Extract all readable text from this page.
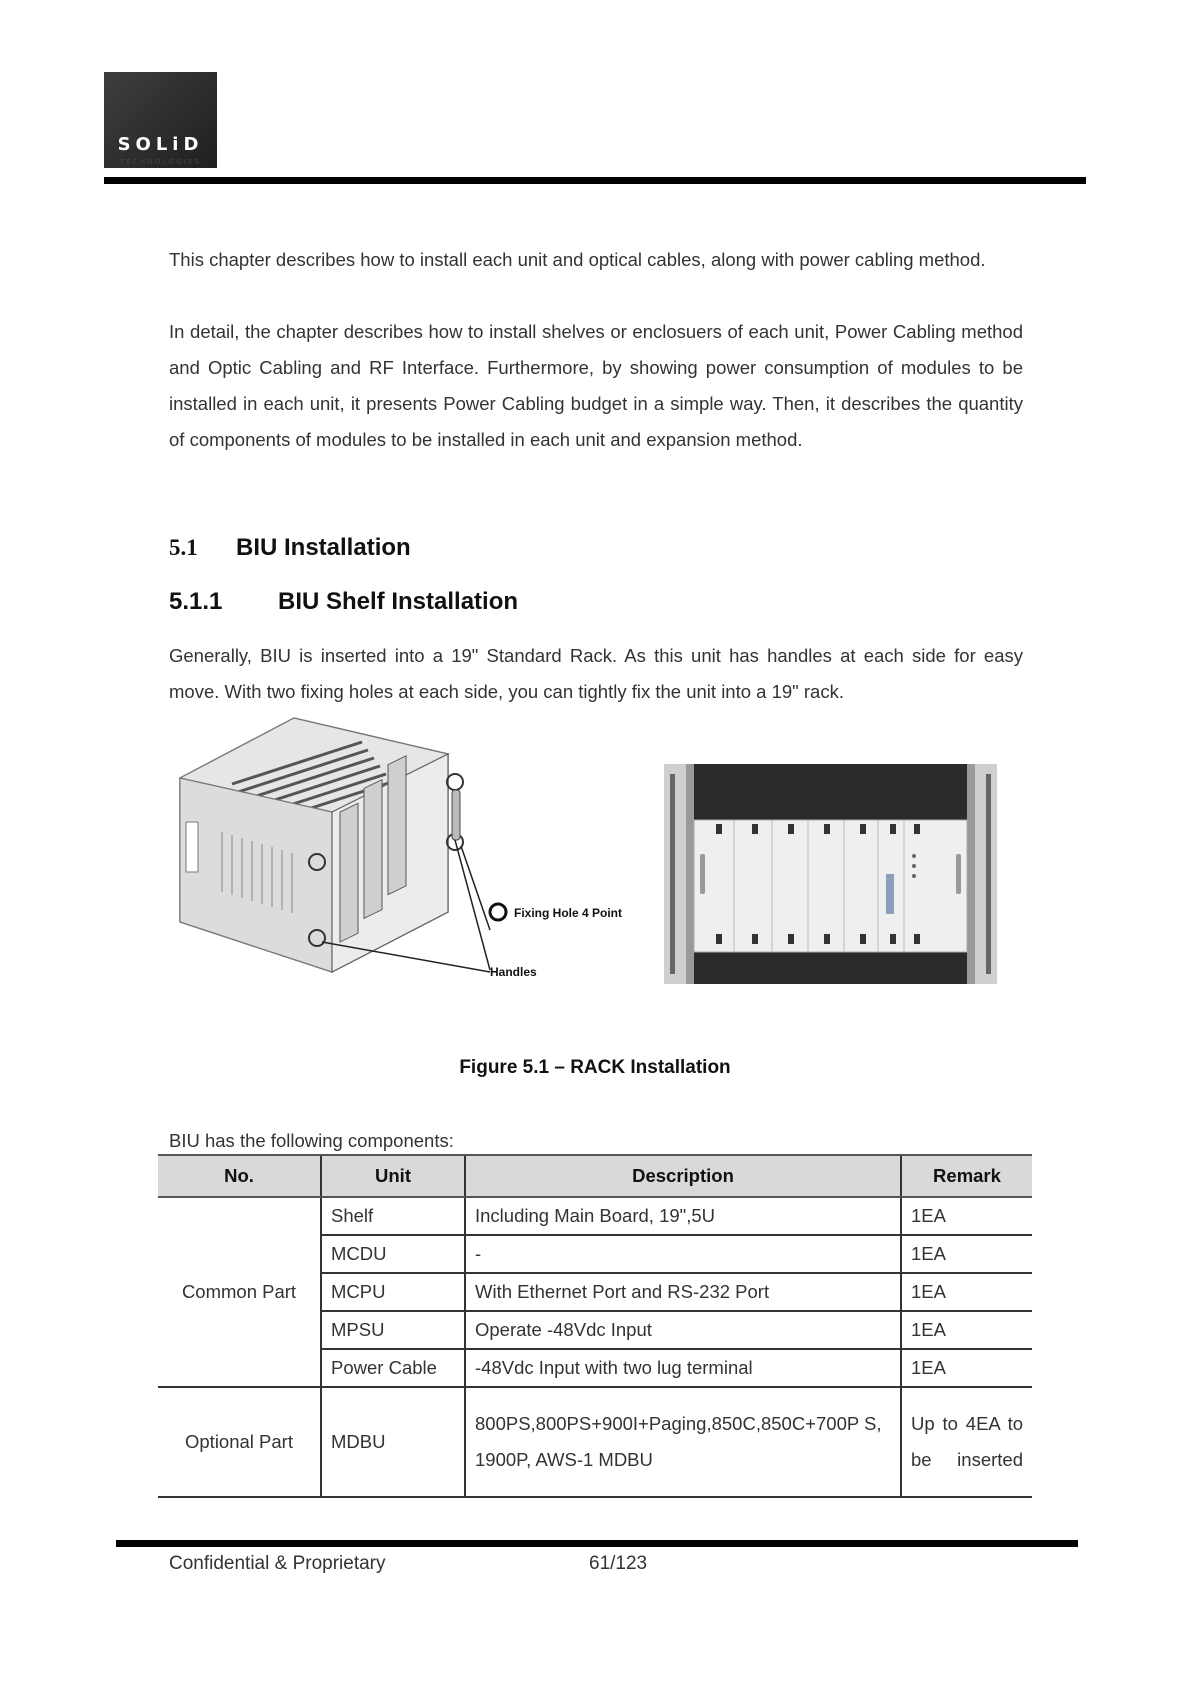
SOLiD
TECHNOLOGIES
This chapter describes how to install each unit and optical cables, along with power cabling method.
In detail, the chapter describes how to install shelves or enclosuers of each unit, Power Cabling method and Optic Cabling and RF Interface. Furthermore, by showing power consumption of modules to be installed in each unit, it presents Power Cabling budget in a simple way. Then, it describes the quantity of components of modules to be installed in each unit and expansion method.
5.1 BIU Installation
5.1.1 BIU Shelf Installation
Generally, BIU is inserted into a 19" Standard Rack. As this unit has handles at each side for easy move. With two fixing holes at each side, you can tightly fix the unit into a 19" rack.
Fixing Hole 4 Point
Handles
Figure 5.1 – RACK Installation
BIU has the following components:
No.	Unit	Description	Remark
Common Part	Shelf	Including Main Board, 19",5U	1EA
	MCDU	-	1EA
	MCPU	With Ethernet Port and RS-232 Port	1EA
	MPSU	Operate -48Vdc Input	1EA
	Power Cable	-48Vdc Input with two lug terminal	1EA
Optional Part	MDBU	800PS,800PS+900I+Paging,850C,850C+700P S, 1900P, AWS-1 MDBU	Up to 4EA to be inserted
Confidential & Proprietary	61/123
